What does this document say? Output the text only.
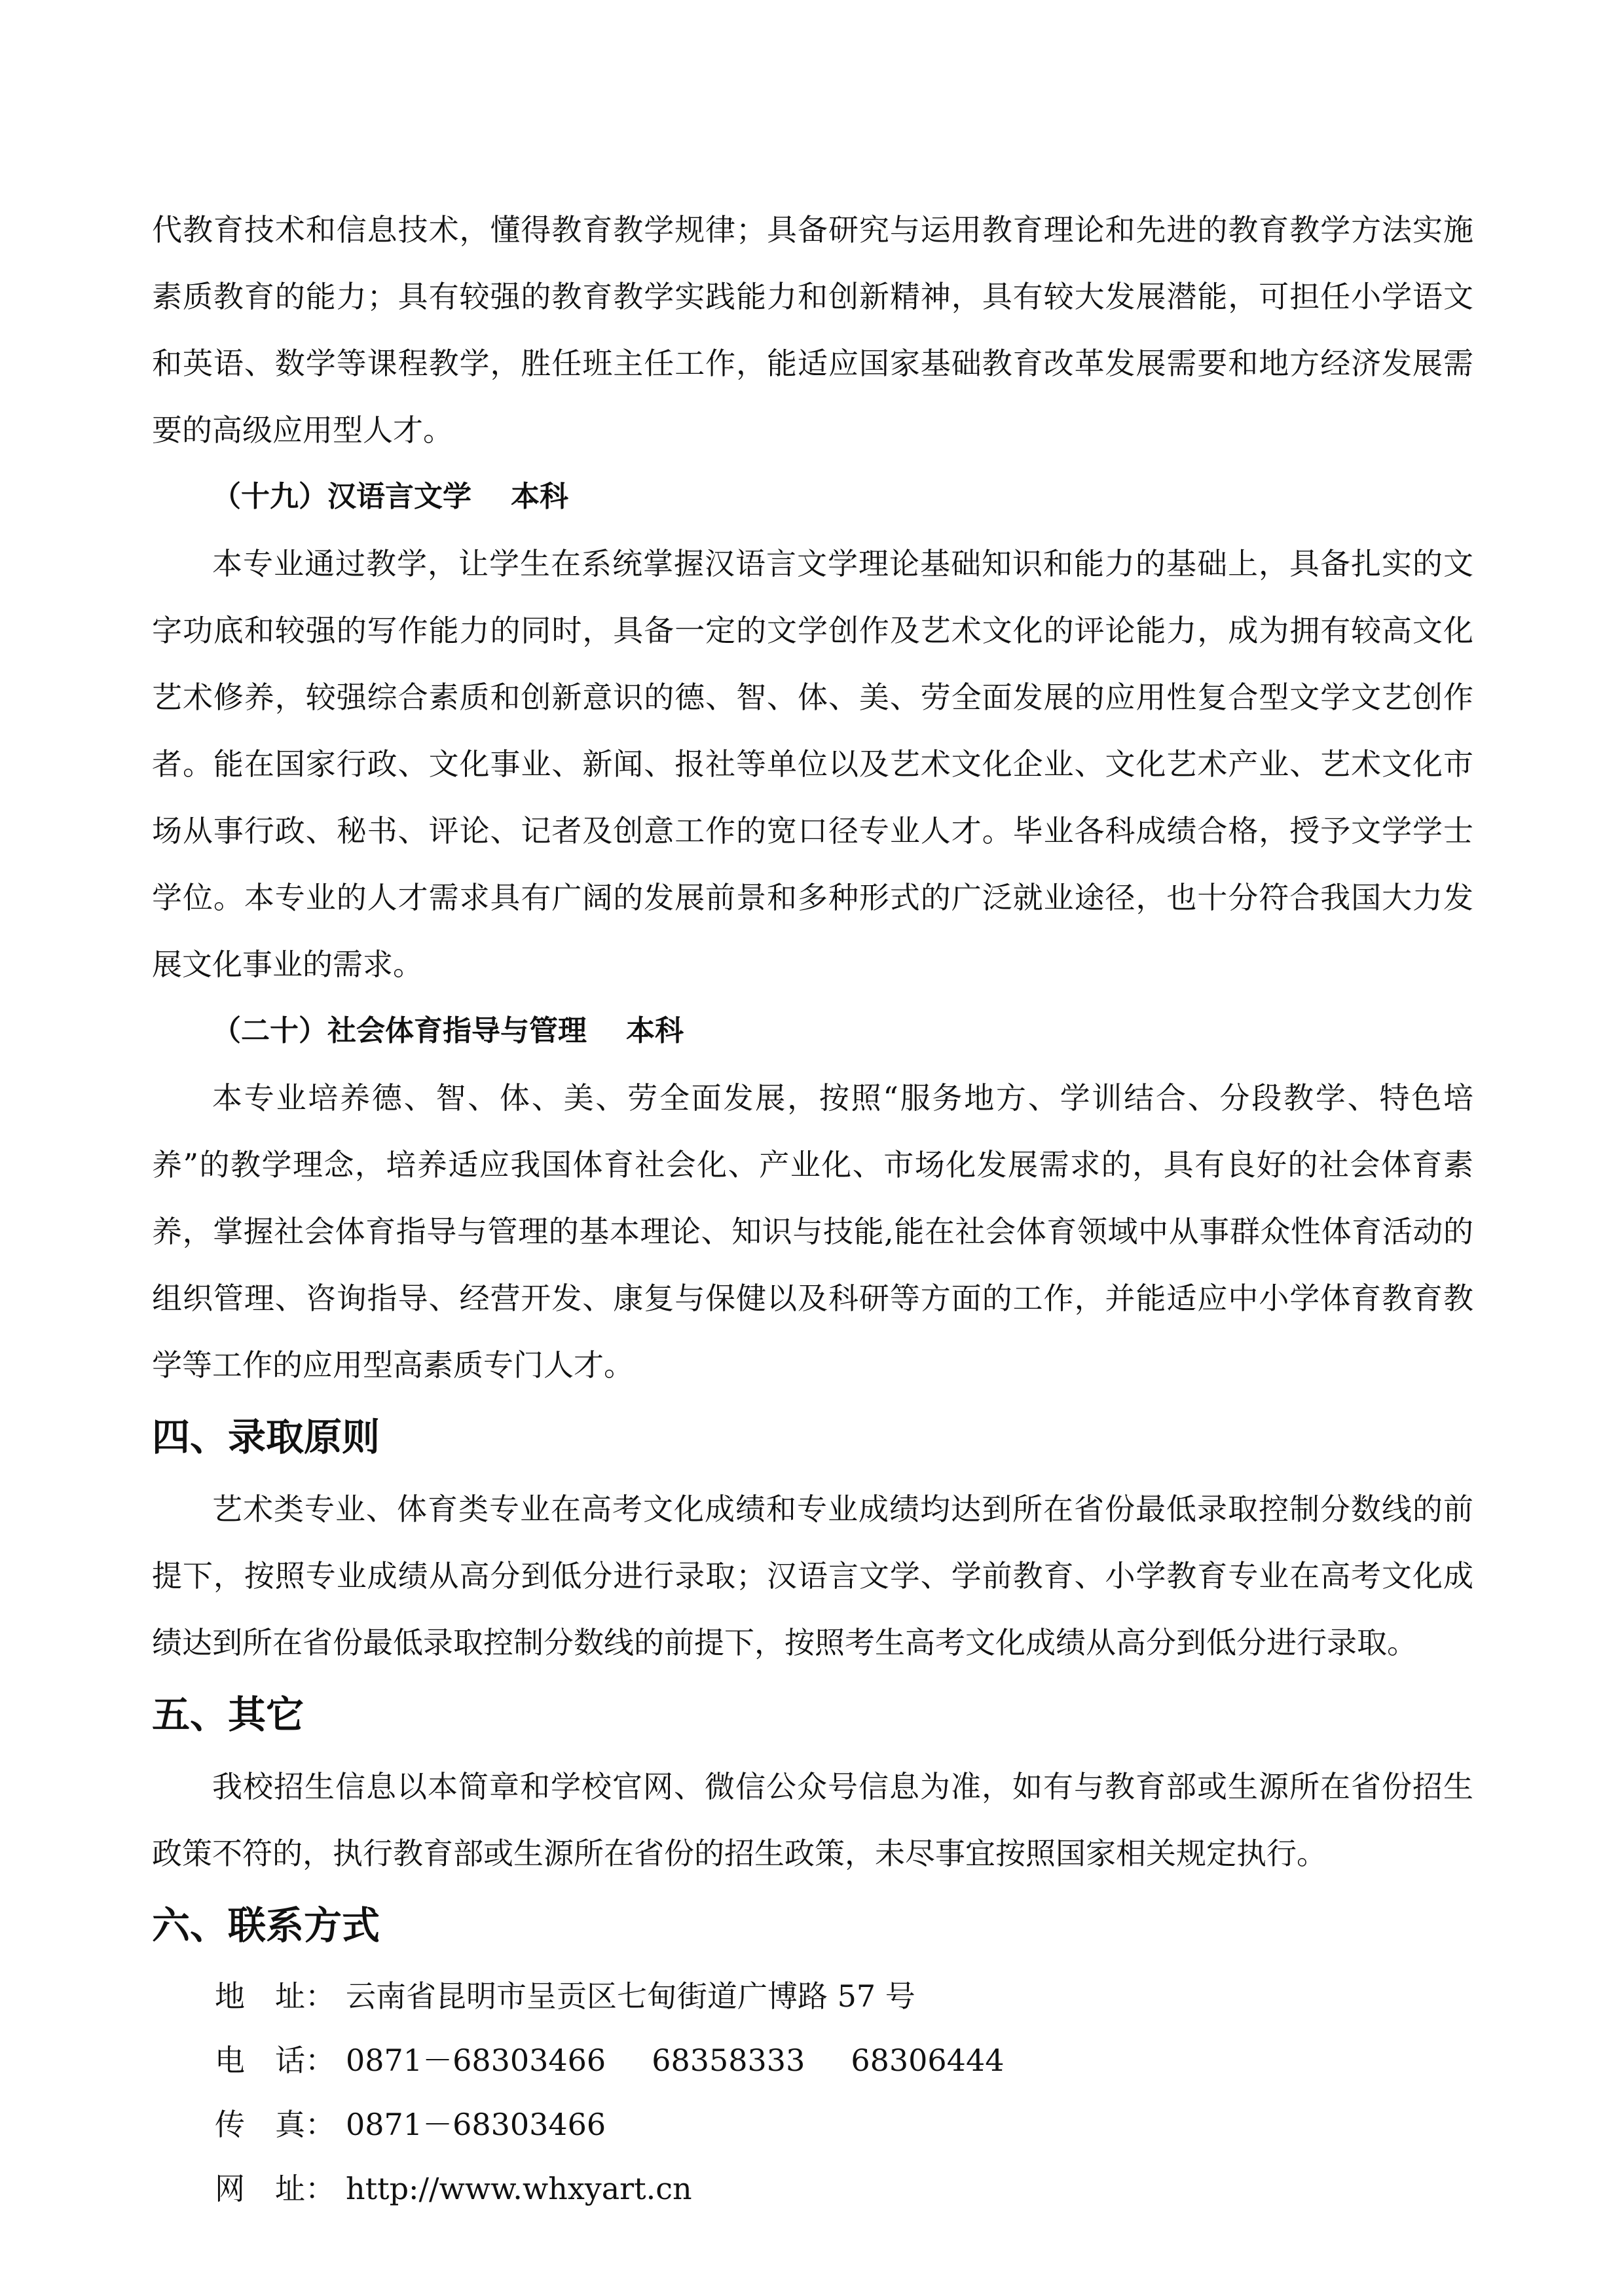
代教育技术和信息技术，懂得教育教学规律；具备研究与运用教育理论和先进的教育教学方法实施素质教育的能力；具有较强的教育教学实践能力和创新精神，具有较大发展潜能，可担任小学语文和英语、数学等课程教学，胜任班主任工作，能适应国家基础教育改革发展需要和地方经济发展需要的高级应用型人才。

（十九）汉语言文学 本科

本专业通过教学，让学生在系统掌握汉语言文学理论基础知识和能力的基础上，具备扎实的文字功底和较强的写作能力的同时，具备一定的文学创作及艺术文化的评论能力，成为拥有较高文化艺术修养，较强综合素质和创新意识的德、智、体、美、劳全面发展的应用性复合型文学文艺创作者。能在国家行政、文化事业、新闻、报社等单位以及艺术文化企业、文化艺术产业、艺术文化市场从事行政、秘书、评论、记者及创意工作的宽口径专业人才。毕业各科成绩合格，授予文学学士学位。本专业的人才需求具有广阔的发展前景和多种形式的广泛就业途径，也十分符合我国大力发展文化事业的需求。

（二十）社会体育指导与管理 本科

本专业培养德、智、体、美、劳全面发展，按照“服务地方、学训结合、分段教学、特色培养”的教学理念，培养适应我国体育社会化、产业化、市场化发展需求的，具有良好的社会体育素养，掌握社会体育指导与管理的基本理论、知识与技能,能在社会体育领域中从事群众性体育活动的组织管理、咨询指导、经营开发、康复与保健以及科研等方面的工作，并能适应中小学体育教育教学等工作的应用型高素质专门人才。

四、录取原则

艺术类专业、体育类专业在高考文化成绩和专业成绩均达到所在省份最低录取控制分数线的前提下，按照专业成绩从高分到低分进行录取；汉语言文学、学前教育、小学教育专业在高考文化成绩达到所在省份最低录取控制分数线的前提下，按照考生高考文化成绩从高分到低分进行录取。

五、其它

我校招生信息以本简章和学校官网、微信公众号信息为准，如有与教育部或生源所在省份招生政策不符的，执行教育部或生源所在省份的招生政策，未尽事宜按照国家相关规定执行。

六、联系方式

地　址： 云南省昆明市呈贡区七甸街道广博路 57 号

电　话： 0871－68303466 68358333 68306444

传　真： 0871－68303466

网　址： http://www.whxyart.cn
